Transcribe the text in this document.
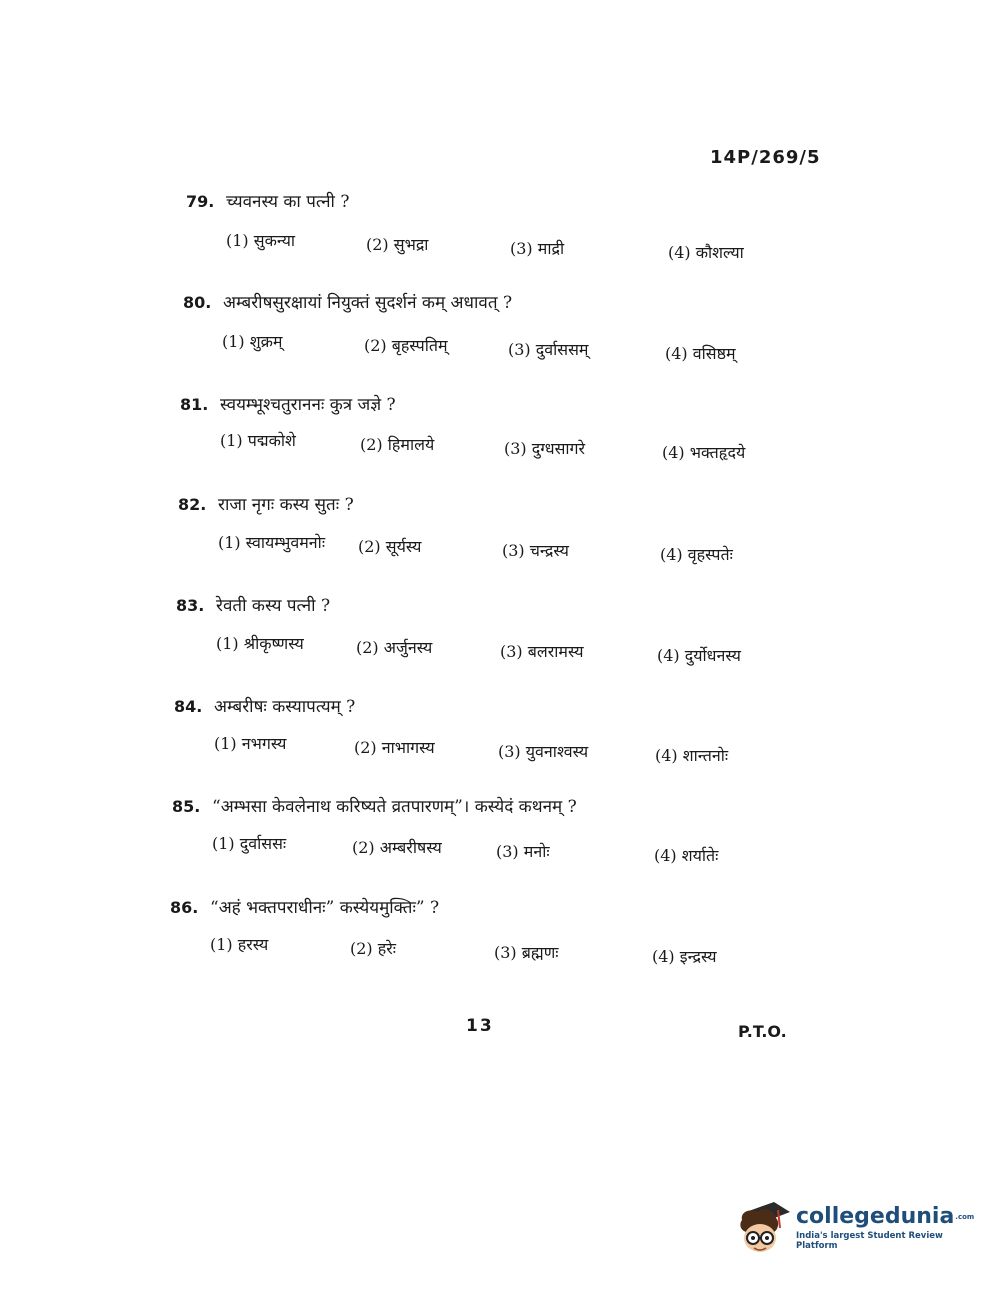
14P/269/5
79. च्यवनस्य का पत्नी ?
(1) सुकन्या	(2) सुभद्रा	(3) माद्री	(4) कौशल्या
80. अम्बरीषसुरक्षायां नियुक्तं सुदर्शनं कम् अधावत् ?
(1) शुक्रम्	(2) बृहस्पतिम्	(3) दुर्वाससम्	(4) वसिष्ठम्
81. स्वयम्भूश्चतुराननः कुत्र जज्ञे ?
(1) पद्मकोशे	(2) हिमालये	(3) दुग्धसागरे	(4) भक्तहृदये
82. राजा नृगः कस्य सुतः ?
(1) स्वायम्भुवमनोः (2) सूर्यस्य	(3) चन्द्रस्य	(4) वृहस्पतेः
83. रेवती कस्य पत्नी ?
(1) श्रीकृष्णस्य	(2) अर्जुनस्य	(3) बलरामस्य	(4) दुर्योधनस्य
84. अम्बरीषः कस्यापत्यम् ?
(1) नभगस्य	(2) नाभागस्य	(3) युवनाश्वस्य	(4) शान्तनोः
85. “अम्भसा केवलेनाथ करिष्यते व्रतपारणम्”। कस्येदं कथनम् ?
(1) दुर्वाससः	(2) अम्बरीषस्य	(3) मनोः	(4) शर्यातेः
86. “अहं भक्तपराधीनः” कस्येयमुक्तिः” ?
(1) हरस्य	(2) हरेः	(3) ब्रह्मणः	(4) इन्द्रस्य
13	P.T.O.
collegedunia$^{.com}$
India's largest Student Review Platform
